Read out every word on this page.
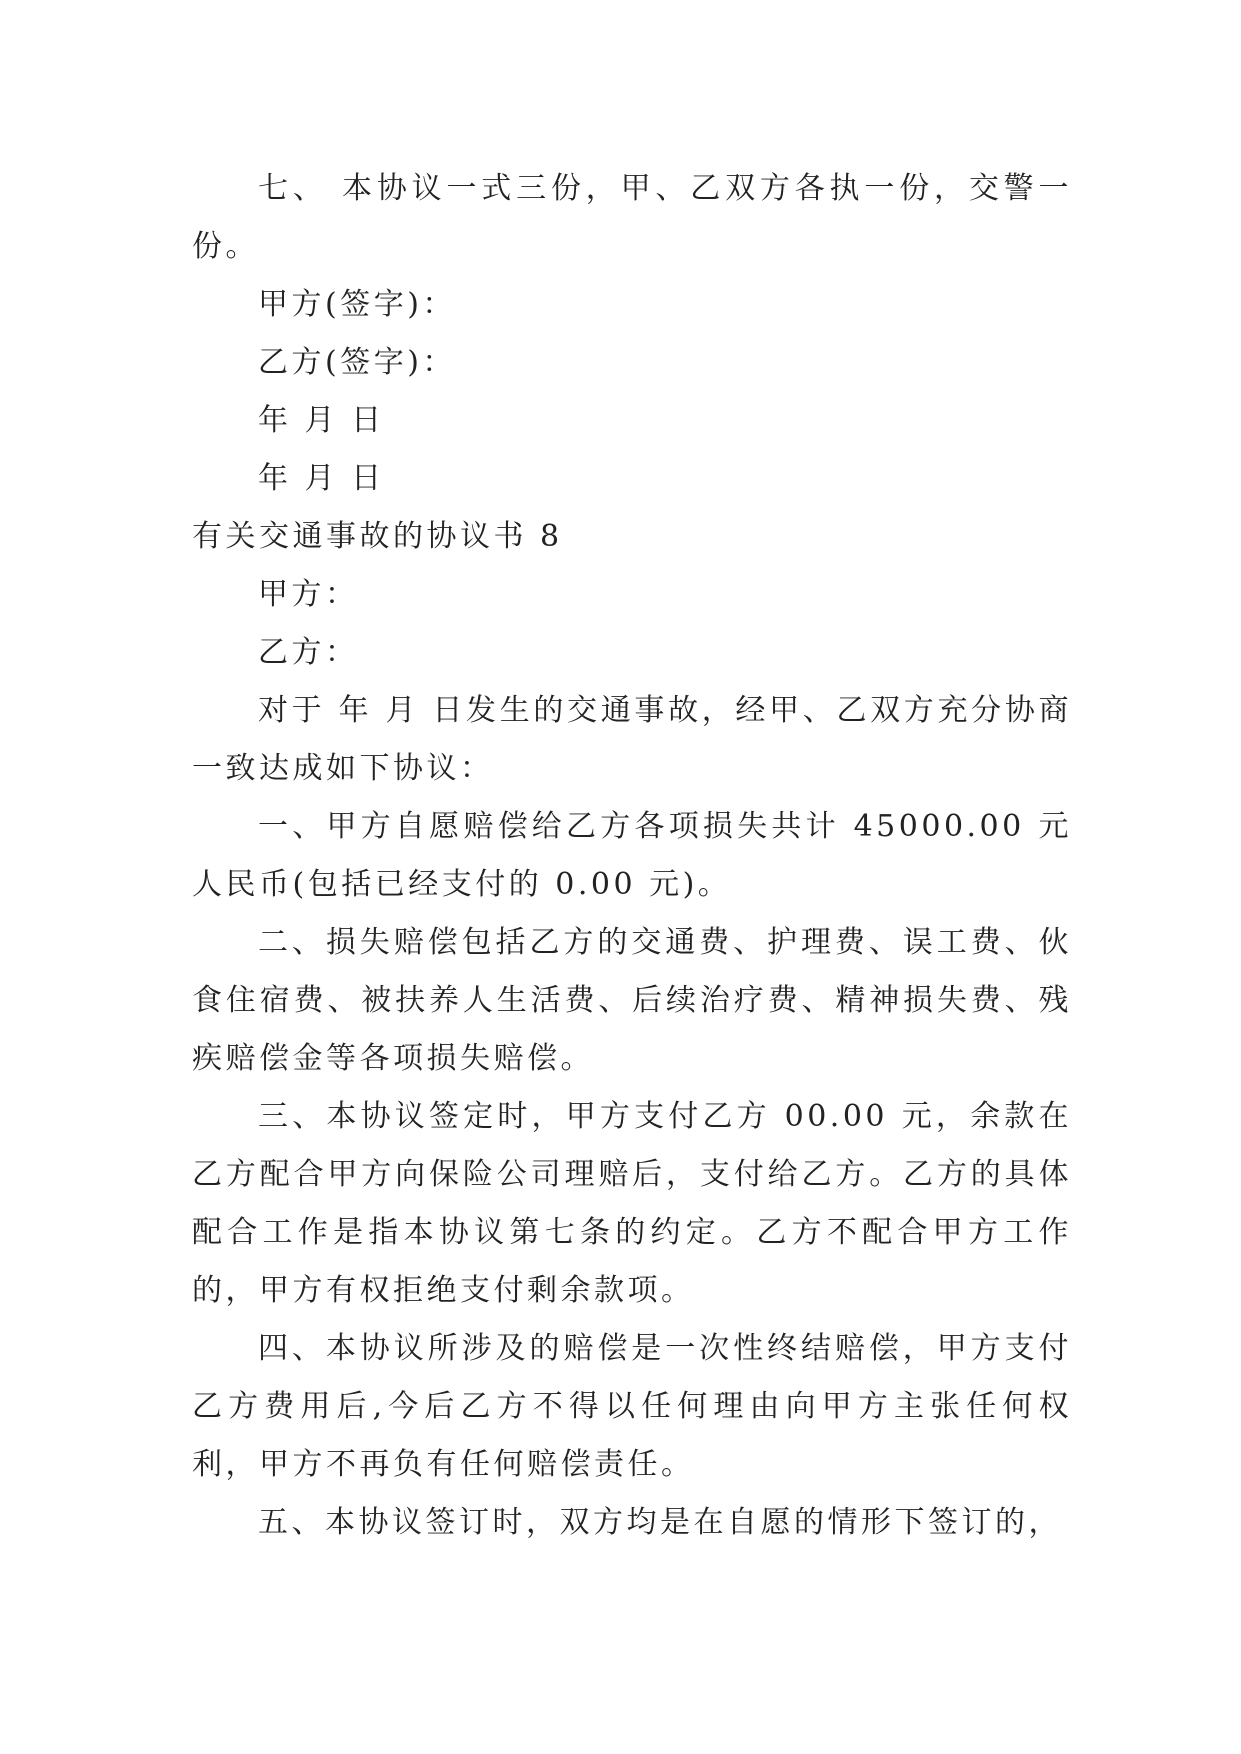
七、 本协议一式三份，甲、乙双方各执一份，交警一份。

甲方(签字)：

乙方(签字)：

年 月 日

年 月 日

有关交通事故的协议书 8

甲方：

乙方：

对于 年 月 日发生的交通事故，经甲、乙双方充分协商一致达成如下协议：

一、甲方自愿赔偿给乙方各项损失共计 45000.00 元人民币(包括已经支付的 0.00 元)。

二、损失赔偿包括乙方的交通费、护理费、误工费、伙食住宿费、被扶养人生活费、后续治疗费、精神损失费、残疾赔偿金等各项损失赔偿。

三、本协议签定时，甲方支付乙方 00.00 元，余款在乙方配合甲方向保险公司理赔后，支付给乙方。乙方的具体配合工作是指本协议第七条的约定。乙方不配合甲方工作的，甲方有权拒绝支付剩余款项。

四、本协议所涉及的赔偿是一次性终结赔偿，甲方支付乙方费用后,今后乙方不得以任何理由向甲方主张任何权利，甲方不再负有任何赔偿责任。

五、本协议签订时，双方均是在自愿的情形下签订的，
